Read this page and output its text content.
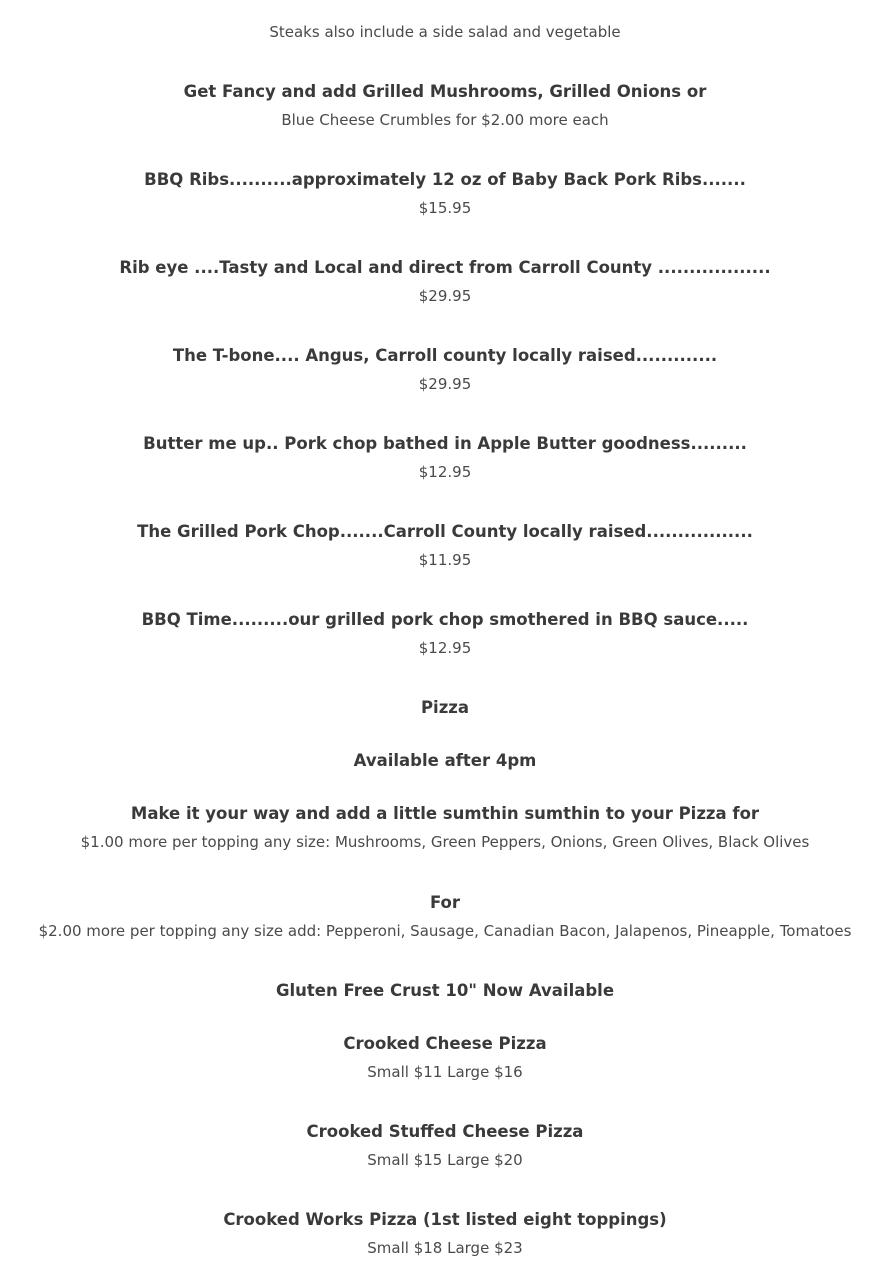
Steaks also include a side salad and vegetable
Get Fancy and add Grilled Mushrooms, Grilled Onions or
Blue Cheese Crumbles for $2.00 more each
BBQ Ribs..........approximately 12 oz of Baby Back Pork Ribs.......
$15.95
Rib eye ....Tasty and Local and direct from Carroll County ..................
$29.95
The T-bone.... Angus, Carroll county locally raised.............
$29.95
Butter me up.. Pork chop bathed in Apple Butter goodness.........
$12.95
The Grilled Pork Chop.......Carroll County locally raised.................
$11.95
BBQ Time.........our grilled pork chop smothered in BBQ sauce.....
$12.95
Pizza
Available after 4pm
Make it your way and add a little sumthin sumthin to your Pizza for
$1.00 more per topping any size: Mushrooms, Green Peppers, Onions, Green Olives, Black Olives
For
$2.00 more per topping any size add: Pepperoni, Sausage, Canadian Bacon, Jalapenos, Pineapple, Tomatoes
Gluten Free Crust 10" Now Available
Crooked Cheese Pizza
Small $11 Large $16
Crooked Stuffed Cheese Pizza
Small $15 Large $20
Crooked Works Pizza (1st listed eight toppings)
Small $18 Large $23
